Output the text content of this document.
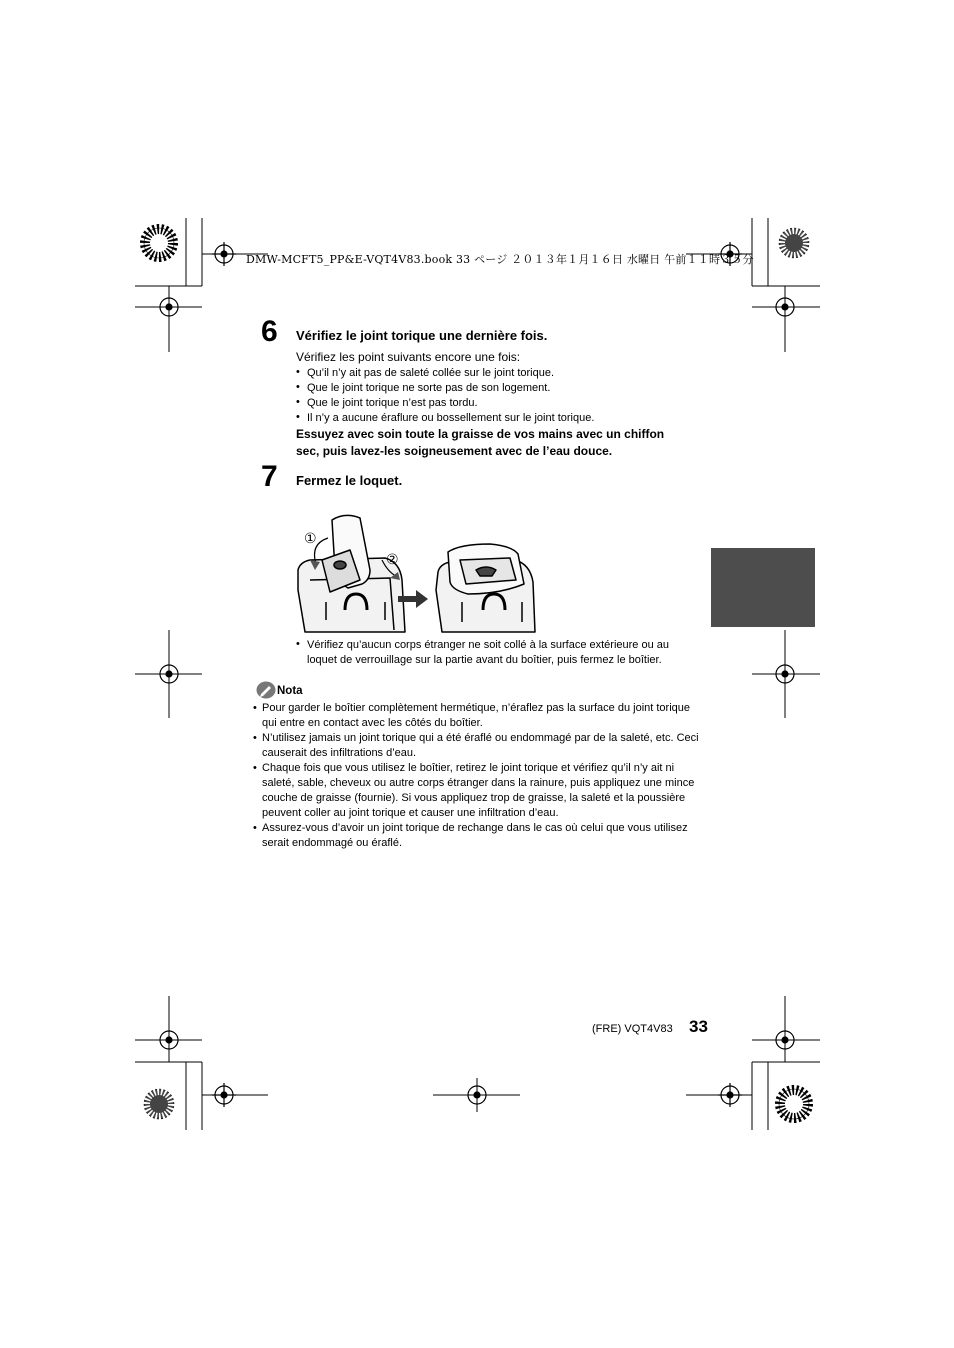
DMW-MCFT5_PP&E-VQT4V83.book 33 ページ ２０１３年１月１６日 水曜日 午前１１時３５分
6 Vérifiez le joint torique une dernière fois.
Vérifiez les point suivants encore une fois:
• Qu’il n’y ait pas de saleté collée sur le joint torique.
• Que le joint torique ne sorte pas de son logement.
• Que le joint torique n’est pas tordu.
• Il n’y a aucune éraflure ou bossellement sur le joint torique.
Essuyez avec soin toute la graisse de vos mains avec un chiffon
sec, puis lavez-les soigneusement avec de l’eau douce.
7 Fermez le loquet.
①
②
• Vérifiez qu’aucun corps étranger ne soit collé à la surface extérieure ou au
loquet de verrouillage sur la partie avant du boîtier, puis fermez le boîtier.
Nota
• Pour garder le boîtier complètement hermétique, n’éraflez pas la surface du joint torique qui entre en contact avec les côtés du boîtier.
• N’utilisez jamais un joint torique qui a été éraflé ou endommagé par de la saleté, etc. Ceci causerait des infiltrations d’eau.
• Chaque fois que vous utilisez le boîtier, retirez le joint torique et vérifiez qu’il n’y ait ni saleté, sable, cheveux ou autre corps étranger dans la rainure, puis appliquez une mince couche de graisse (fournie). Si vous appliquez trop de graisse, la saleté et la poussière peuvent coller au joint torique et causer une infiltration d’eau.
• Assurez-vous d’avoir un joint torique de rechange dans le cas où celui que vous utilisez serait endommagé ou éraflé.
(FRE) VQT4V83 33
